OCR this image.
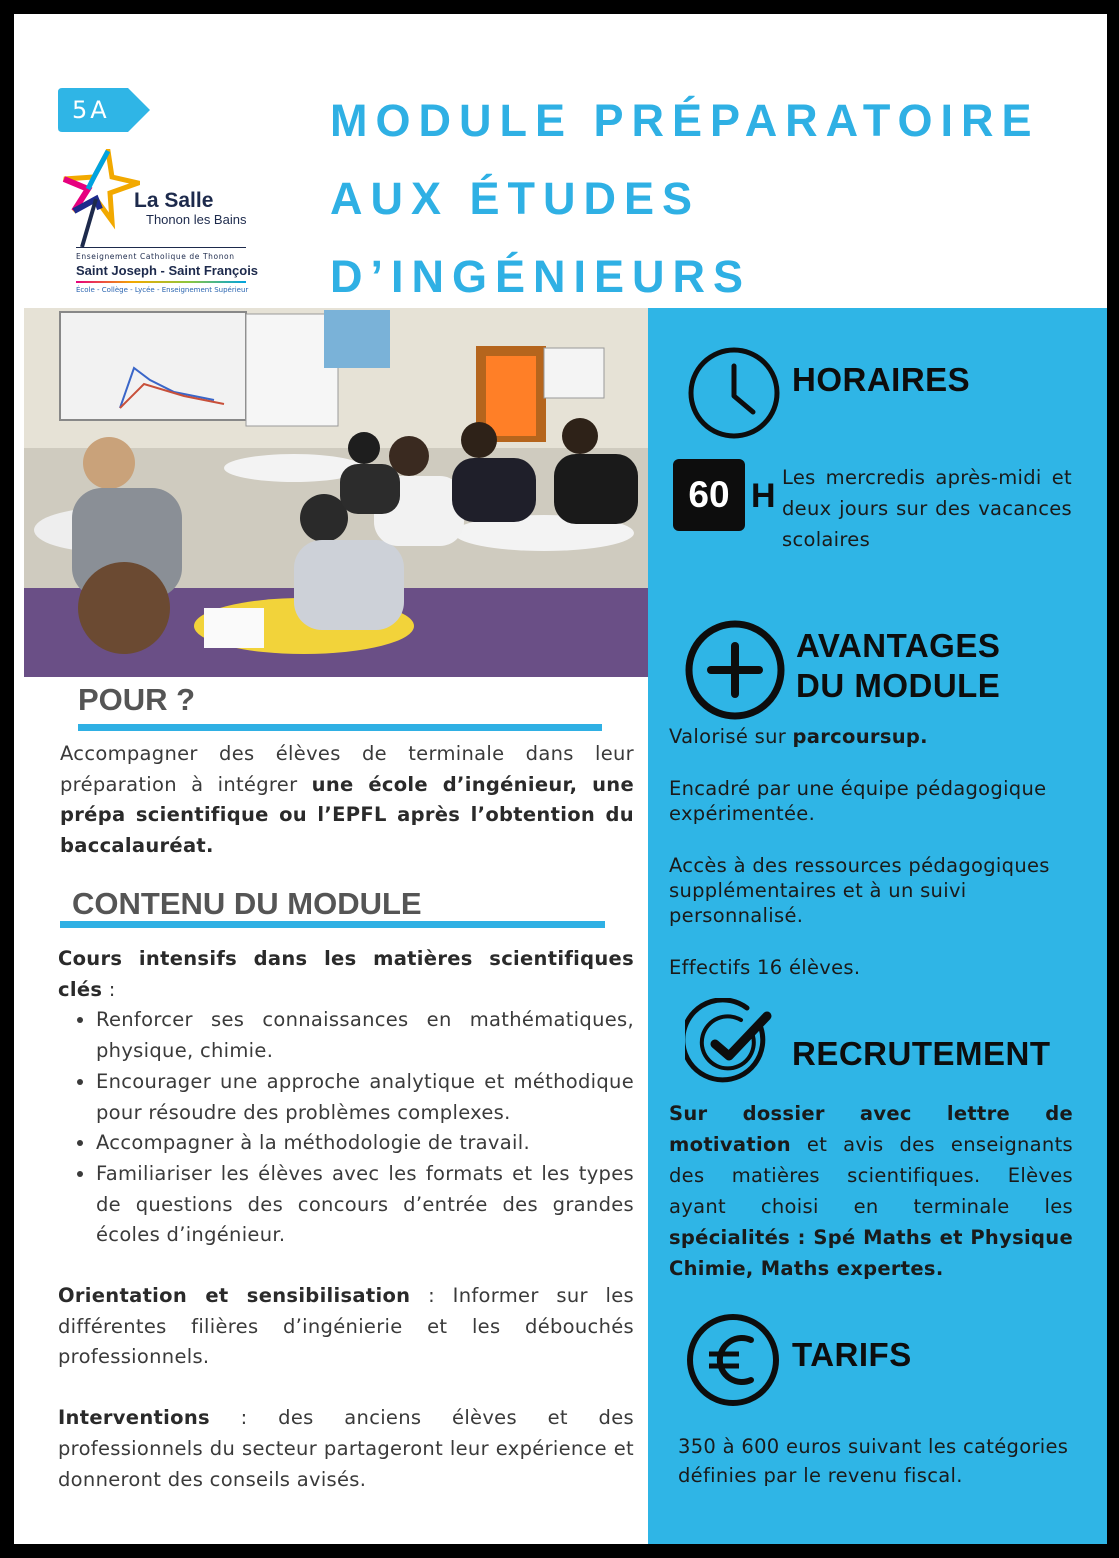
5A
La Salle
Thonon les Bains
Enseignement Catholique de Thonon
Saint Joseph - Saint François
École - Collège - Lycée - Enseignement Supérieur
MODULE PRÉPARATOIRE
AUX ÉTUDES
D’INGÉNIEURS
POUR ?

Accompagner des élèves de terminale dans leur préparation à intégrer une école d’ingénieur, une prépa scientifique ou l’EPFL après l’obtention du baccalauréat.

CONTENU DU MODULE
Cours intensifs dans les matières scientifiques clés :
• Renforcer ses connaissances en mathématiques, physique, chimie.
• Encourager une approche analytique et méthodique pour résoudre des problèmes complexes.
• Accompagner à la méthodologie de travail.
• Familiariser les élèves avec les formats et les types de questions des concours d’entrée des grandes écoles d’ingénieur.
Orientation et sensibilisation : Informer sur les différentes filières d’ingénierie et les débouchés professionnels.
Interventions : des anciens élèves et des professionnels du secteur partageront leur expérience et donneront des conseils avisés.
HORAIRES
60 H Les mercredis après-midi et deux jours sur des vacances scolaires

AVANTAGES
DU MODULE
Valorisé sur parcoursup.
Encadré par une équipe pédagogique expérimentée.
Accès à des ressources pédagogiques supplémentaires et à un suivi personnalisé.
Effectifs 16 élèves.
RECRUTEMENT

Sur dossier avec lettre de motivation et avis des enseignants des matières scientifiques. Elèves ayant choisi en terminale les spécialités : Spé Maths et Physique Chimie, Maths expertes.

TARIFS

350 à 600 euros suivant les catégories définies par le revenu fiscal.
